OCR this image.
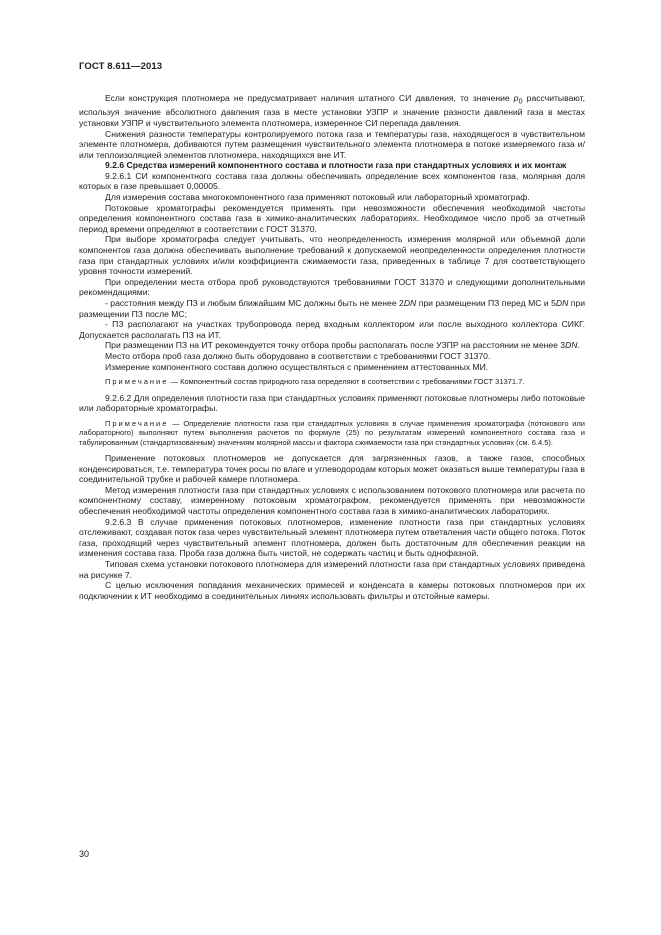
ГОСТ 8.611—2013

Если конструкция плотномера не предусматривает наличия штатного СИ давления, то значение $p_0$ рассчитывают, используя значение абсолютного давления газа в месте установки УЗПР и значение разности давлений газа в местах установки УЗПР и чувствительного элемента плотномера, измеренное СИ перепада давления.

Снижения разности температуры контролируемого потока газа и температуры газа, находящегося в чувствительном элементе плотномера, добиваются путем размещения чувствительного элемента плотномера в потоке измеряемого газа и/или теплоизоляцией элементов плотномера, находящихся вне ИТ.

9.2.6 Средства измерений компонентного состава и плотности газа при стандартных условиях и их монтаж

9.2.6.1 СИ компонентного состава газа должны обеспечивать определение всех компонентов газа, молярная доля которых в газе превышает 0,00005.

Для измерения состава многокомпонентного газа применяют потоковый или лабораторный хроматограф.

Потоковые хроматографы рекомендуется применять при невозможности обеспечения необходимой частоты определения компонентного состава газа в химико-аналитических лабораториях. Необходимое число проб за отчетный период времени определяют в соответствии с ГОСТ 31370.

При выборе хроматографа следует учитывать, что неопределенность измерения молярной или объемной доли компонентов газа должна обеспечивать выполнение требований к допускаемой неопределенности определения плотности газа при стандартных условиях и/или коэффициента сжимаемости газа, приведенных в таблице 7 для соответствующего уровня точности измерений.

При определении места отбора проб руководствуются требованиями ГОСТ 31370 и следующими дополнительными рекомендациями:

- расстояния между ПЗ и любым ближайшим МС должны быть не менее 2DN при размещении ПЗ перед МС и 5DN при размещении ПЗ после МС;

- ПЗ располагают на участках трубопровода перед входным коллектором или после выходного коллектора СИКГ. Допускается располагать ПЗ на ИТ.

При размещении ПЗ на ИТ рекомендуется точку отбора пробы располагать после УЗПР на расстоянии не менее 3DN.

Место отбора проб газа должно быть оборудовано в соответствии с требованиями ГОСТ 31370.

Измерение компонентного состава должно осуществляться с применением аттестованных МИ.

Примечание — Компонентный состав природного газа определяют в соответствии с требованиями ГОСТ 31371.7.

9.2.6.2 Для определения плотности газа при стандартных условиях применяют потоковые плотномеры либо потоковые или лабораторные хроматографы.

Примечание — Определение плотности газа при стандартных условиях в случае применения хроматографа (потокового или лабораторного) выполняют путем выполнения расчетов по формуле (25) по результатам измерений компонентного состава газа и табулированным (стандартизованным) значениям молярной массы и фактора сжимаемости газа при стандартных условиях (см. 6.4.5).

Применение потоковых плотномеров не допускается для загрязненных газов, а также газов, способных конденсироваться, т.е. температура точек росы по влаге и углеводородам которых может оказаться выше температуры газа в соединительной трубке и рабочей камере плотномера.

Метод измерения плотности газа при стандартных условиях с использованием потокового плотномера или расчета по компонентному составу, измеренному потоковым хроматографом, рекомендуется применять при невозможности обеспечения необходимой частоты определения компонентного состава газа в химико-аналитических лабораториях.

9.2.6.3 В случае применения потоковых плотномеров, изменение плотности газа при стандартных условиях отслеживают, создавая поток газа через чувствительный элемент плотномера путем ответвления части общего потока. Поток газа, проходящий через чувствительный элемент плотномера, должен быть достаточным для обеспечения реакции на изменения состава газа. Проба газа должна быть чистой, не содержать частиц и быть однофазной.

Типовая схема установки потокового плотномера для измерений плотности газа при стандартных условиях приведена на рисунке 7.

С целью исключения попадания механических примесей и конденсата в камеры потоковых плотномеров при их подключении к ИТ необходимо в соединительных линиях использовать фильтры и отстойные камеры.

30
